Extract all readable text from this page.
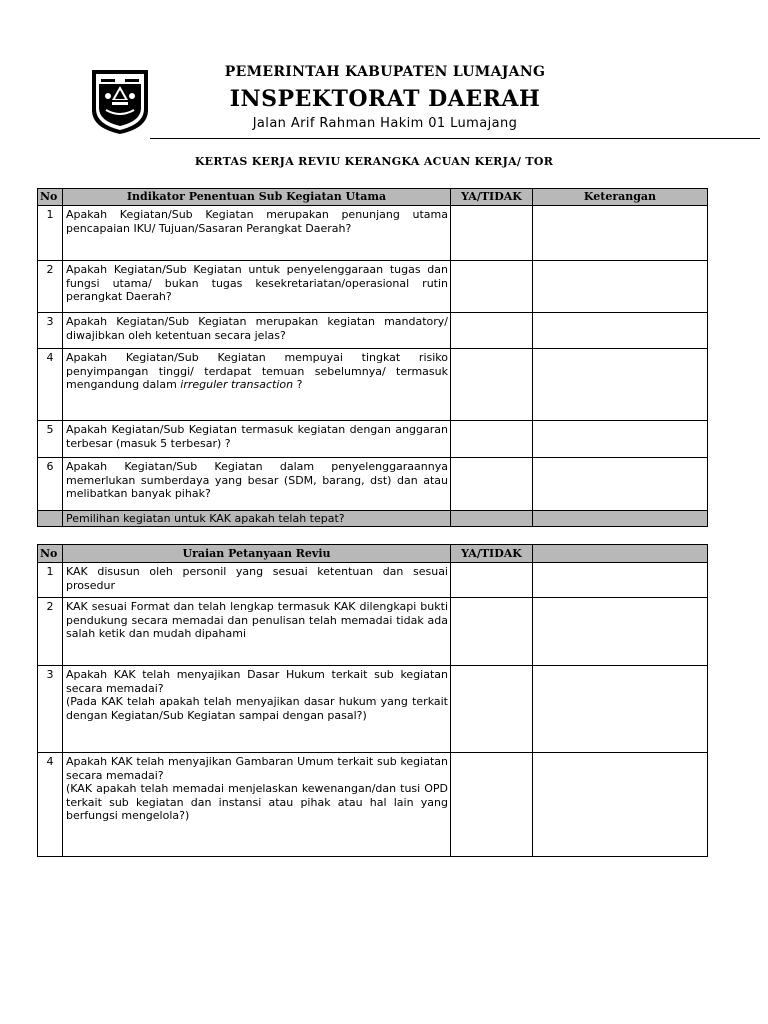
PEMERINTAH KABUPATEN LUMAJANG
INSPEKTORAT DAERAH
Jalan Arif Rahman Hakim 01 Lumajang
KERTAS KERJA REVIU KERANGKA ACUAN KERJA/ TOR
No	Indikator Penentuan Sub Kegiatan Utama	YA/TIDAK	Keterangan
1	Apakah Kegiatan/Sub Kegiatan merupakan penunjang utama pencapaian IKU/ Tujuan/Sasaran Perangkat Daerah?		
2	Apakah Kegiatan/Sub Kegiatan untuk penyelenggaraan tugas dan fungsi utama/ bukan tugas kesekretariatan/operasional rutin perangkat Daerah?		
3	Apakah Kegiatan/Sub Kegiatan merupakan kegiatan mandatory/ diwajibkan oleh ketentuan secara jelas?		
4	Apakah Kegiatan/Sub Kegiatan mempuyai tingkat risiko penyimpangan tinggi/ terdapat temuan sebelumnya/ termasuk mengandung dalam irreguler transaction ?		
5	Apakah Kegiatan/Sub Kegiatan termasuk kegiatan dengan anggaran terbesar (masuk 5 terbesar) ?		
6	Apakah Kegiatan/Sub Kegiatan dalam penyelenggaraannya memerlukan sumberdaya yang besar (SDM, barang, dst) dan atau melibatkan banyak pihak?		

	Pemilihan kegiatan untuk KAK apakah telah tepat?		
No	Uraian Petanyaan Reviu	YA/TIDAK	
1	KAK disusun oleh personil yang sesuai ketentuan dan sesuai prosedur		
2	KAK sesuai Format dan telah lengkap termasuk KAK dilengkapi bukti pendukung secara memadai dan penulisan telah memadai tidak ada salah ketik dan mudah dipahami		
3	Apakah KAK telah menyajikan Dasar Hukum terkait sub kegiatan secara memadai?
(Pada KAK telah apakah telah menyajikan dasar hukum yang terkait dengan Kegiatan/Sub Kegiatan sampai dengan pasal?)		

4	Apakah KAK telah menyajikan Gambaran Umum terkait sub kegiatan secara memadai?
(KAK apakah telah memadai menjelaskan kewenangan/dan tusi OPD terkait sub kegiatan dan instansi atau pihak atau hal lain yang berfungsi mengelola?)		
